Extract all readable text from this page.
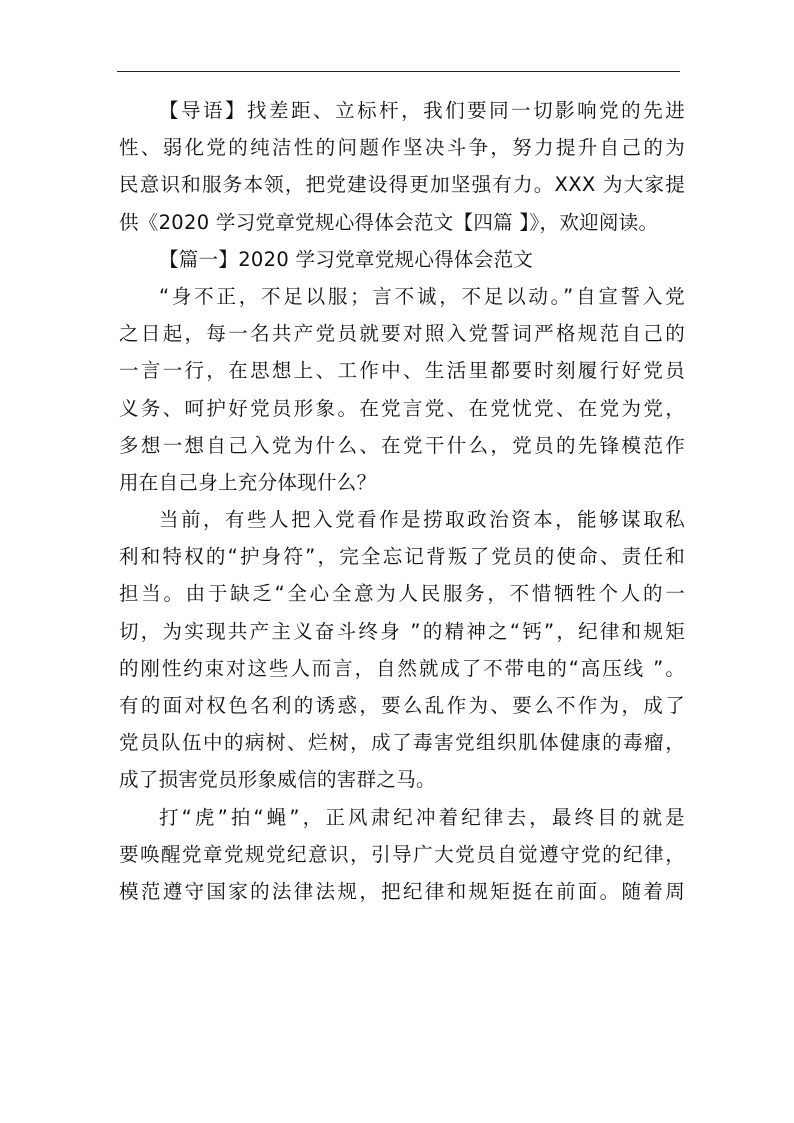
【导语】找差距、立标杆，我们要同一切影响党的先进
性、弱化党的纯洁性的问题作坚决斗争，努力提升自己的为
民意识和服务本领，把党建设得更加坚强有力。XXX 为大家提
供《2020 学习党章党规心得体会范文【四篇 】》，欢迎阅读。
【篇一】2020 学习党章党规心得体会范文
“身不正，不足以服；言不诚，不足以动。”自宣誓入党
之日起，每一名共产党员就要对照入党誓词严格规范自己的
一言一行，在思想上、工作中、生活里都要时刻履行好党员
义务、呵护好党员形象。在党言党、在党忧党、在党为党，
多想一想自己入党为什么、在党干什么，党员的先锋模范作
用在自己身上充分体现什么？
当前，有些人把入党看作是捞取政治资本，能够谋取私
利和特权的“护身符”，完全忘记背叛了党员的使命、责任和
担当。由于缺乏“全心全意为人民服务，不惜牺牲个人的一
切，为实现共产主义奋斗终身 ”的精神之“钙”，纪律和规矩
的刚性约束对这些人而言，自然就成了不带电的“高压线 ”。
有的面对权色名利的诱惑，要么乱作为、要么不作为，成了
党员队伍中的病树、烂树，成了毒害党组织肌体健康的毒瘤，
成了损害党员形象威信的害群之马。
打“虎”拍“蝇”，正风肃纪冲着纪律去，最终目的就是
要唤醒党章党规党纪意识，引导广大党员自觉遵守党的纪律，
模范遵守国家的法律法规，把纪律和规矩挺在前面。随着周
